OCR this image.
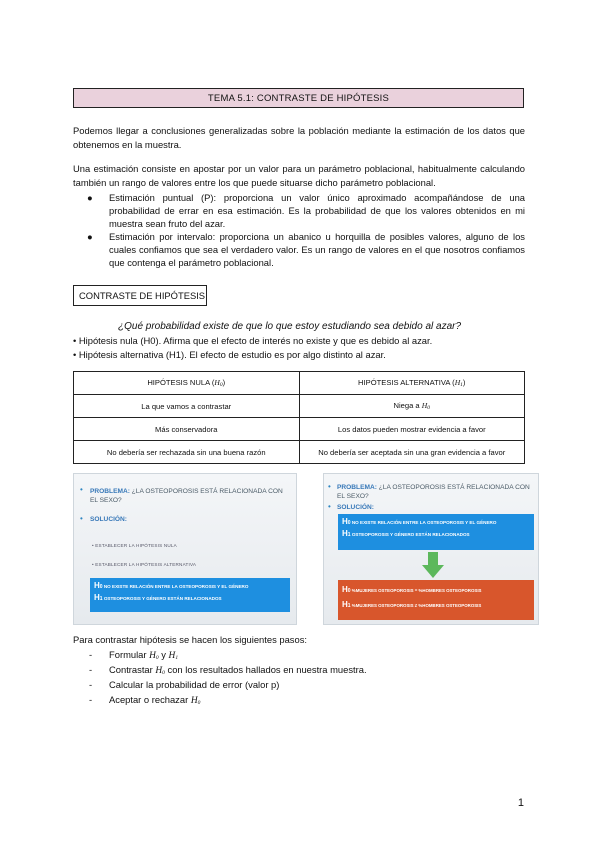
TEMA 5.1: CONTRASTE DE HIPÓTESIS
Podemos llegar a conclusiones generalizadas sobre la población mediante la estimación de los datos que obtenemos en la muestra.
Una estimación consiste en apostar por un valor para un parámetro poblacional, habitualmente calculando también un rango de valores entre los que puede situarse dicho parámetro poblacional.
● Estimación puntual (P): proporciona un valor único aproximado acompañándose de una probabilidad de errar en esa estimación. Es la probabilidad de que los valores obtenidos en mi muestra sean fruto del azar.
● Estimación por intervalo: proporciona un abanico u horquilla de posibles valores, alguno de los cuales confiamos que sea el verdadero valor. Es un rango de valores en el que nosotros confiamos que contenga el parámetro poblacional.
CONTRASTE DE HIPÓTESIS
¿Qué probabilidad existe de que lo que estoy estudiando sea debido al azar?
• Hipótesis nula (H0). Afirma que el efecto de interés no existe y que es debido al azar.
• Hipótesis alternativa (H1). El efecto de estudio es por algo distinto al azar.
HIPÓTESIS NULA (H0)	HIPÓTESIS ALTERNATIVA (H1)
La que vamos a contrastar	Niega a H0
Más conservadora	Los datos pueden mostrar evidencia a favor
No debería ser rechazada sin una buena razón	No debería ser aceptada sin una gran evidencia a favor
• PROBLEMA: ¿LA OSTEOPOROSIS ESTÁ RELACIONADA CON EL SEXO?
• SOLUCIÓN:
• ESTABLECER LA HIPÓTESIS NULA
• ESTABLECER LA HIPÓTESIS ALTERNATIVA
H0 NO EXISTE RELACIÓN ENTRE LA OSTEOPOROSIS Y EL GÉNERO
H1 OSTEOPOROSIS Y GÉNERO ESTÁN RELACIONADOS
• PROBLEMA: ¿LA OSTEOPOROSIS ESTÁ RELACIONADA CON EL SEXO?
• SOLUCIÓN:
H0 NO EXISTE RELACIÓN ENTRE LA OSTEOPOROSIS Y EL GÉNERO
H1 OSTEOPOROSIS Y GÉNERO ESTÁN RELACIONADOS
H0 %MUJERES OSTEOPOROSIS = %HOMBRES OSTEOPOROSIS
H1 %MUJERES OSTEOPOROSIS ≠ %HOMBRES OSTEOPOROSIS
Para contrastar hipótesis se hacen los siguientes pasos:
- Formular H0 y H1
- Contrastar H0 con los resultados hallados en nuestra muestra.
- Calcular la probabilidad de error (valor p)
- Aceptar o rechazar H0
1
